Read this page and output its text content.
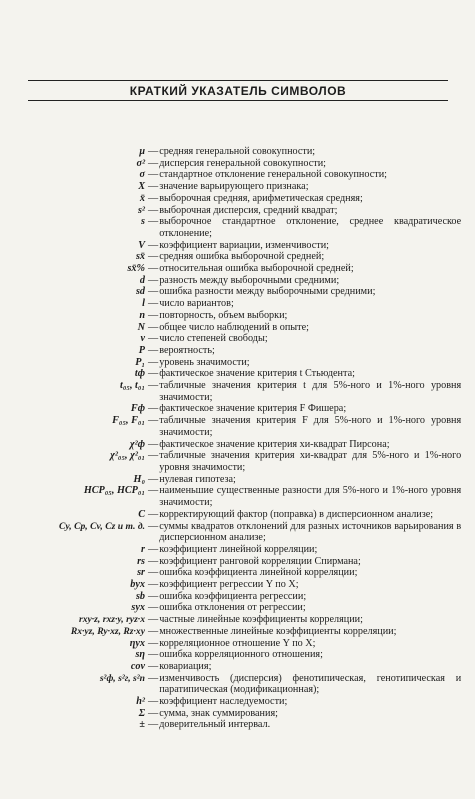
КРАТКИЙ УКАЗАТЕЛЬ СИМВОЛОВ
μ — средняя генеральной совокупности;
σ² — дисперсия генеральной совокупности;
σ — стандартное отклонение генеральной совокупности;
X — значение варьирующего признака;
x̄ — выборочная средняя, арифметическая средняя;
s² — выборочная дисперсия, средний квадрат;
s — выборочное стандартное отклонение, среднее квадратическое отклонение;
V — коэффициент вариации, изменчивости;
sx̄ — средняя ошибка выборочной средней;
sx̄% — относительная ошибка выборочной средней;
d — разность между выборочными средними;
sd — ошибка разности между выборочными средними;
l — число вариантов;
n — повторность, объем выборки;
N — общее число наблюдений в опыте;
ν — число степеней свободы;
P — вероятность;
P₁ — уровень значимости;
tф — фактическое значение критерия t Стьюдента;
t₀₅, t₀₁ — табличные значения критерия t для 5%-ного и 1%-ного уровня значимости;
Fф — фактическое значение критерия F Фишера;
F₀₅, F₀₁ — табличные значения критерия F для 5%-ного и 1%-ного уровня значимости;
χ²ф — фактическое значение критерия хи-квадрат Пирсона;
χ²₀₅, χ²₀₁ — табличные значения критерия хи-квадрат для 5%-ного и 1%-ного уровня значимости;
H₀ — нулевая гипотеза;
НСР₀₅, НСР₀₁ — наименьшие существенные разности для 5%-ного и 1%-ного уровня значимости;
C — корректирующий фактор (поправка) в дисперсионном анализе;
Cy, Cp, Cv, Cz и т. д. — суммы квадратов отклонений для разных источников варьирования в дисперсионном анализе;
r — коэффициент линейной корреляции;
rs — коэффициент ранговой корреляции Спирмана;
sr — ошибка коэффициента линейной корреляции;
byx — коэффициент регрессии Y по X;
sb — ошибка коэффициента регрессии;
syx — ошибка отклонения от регрессии;
rxy·z, rxz·y, ryz·x — частные линейные коэффициенты корреляции;
Rx·yz, Ry·xz, Rz·xy — множественные линейные коэффициенты корреляции;
ηyx — корреляционное отношение Y по X;
sη — ошибка корреляционного отношения;
cov — ковариация;
s²ф, s²г, s²п — изменчивость (дисперсия) фенотипическая, генотипическая и паратипическая (модификационная);
h² — коэффициент наследуемости;
Σ — сумма, знак суммирования;
± — доверительный интервал.
